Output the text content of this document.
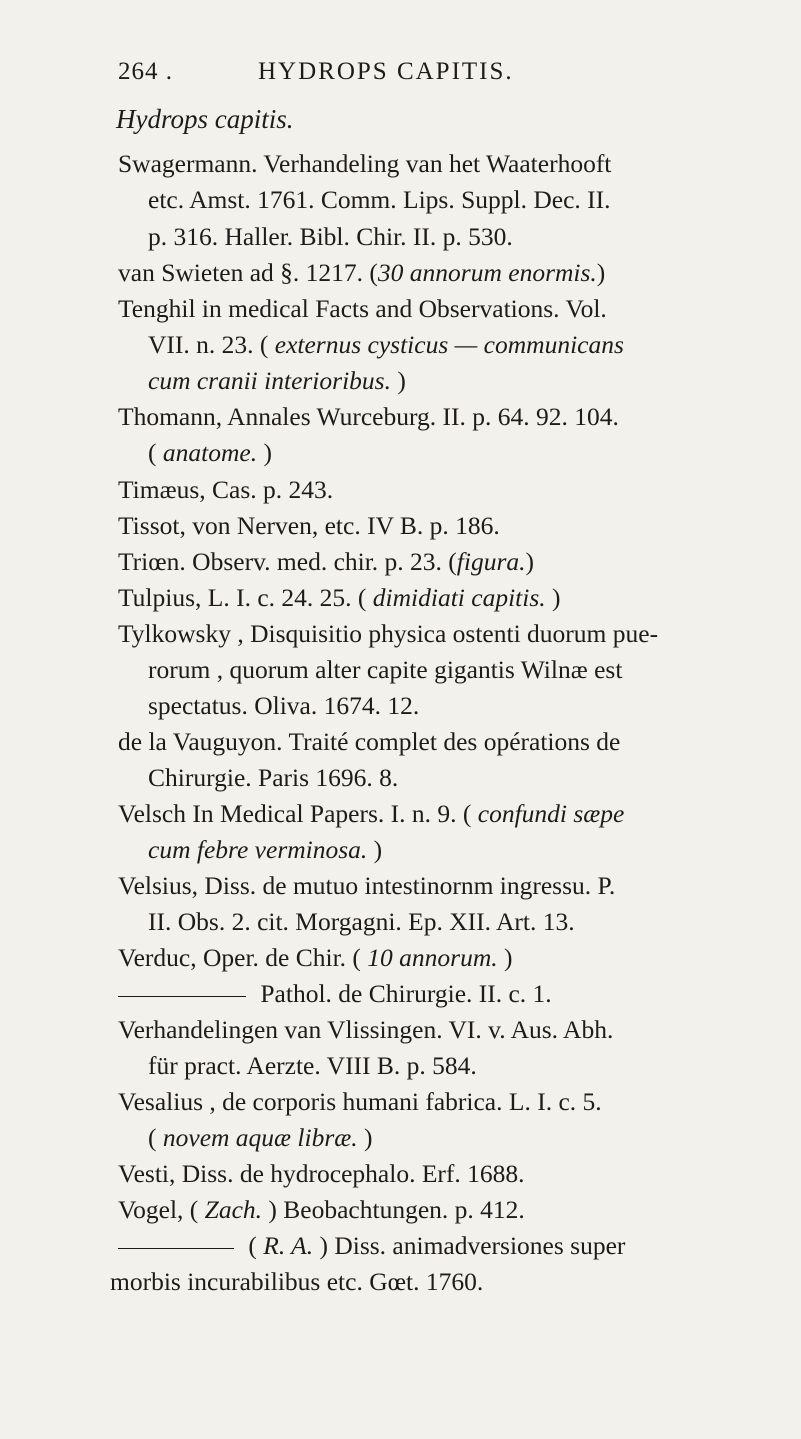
264 .	HYDROPS CAPITIS.
Hydrops capitis.
Swagermann. Verhandeling van het Waaterhooft
etc. Amst. 1761. Comm. Lips. Suppl. Dec. II.
p. 316. Haller. Bibl. Chir. II. p. 530.
van Swieten ad §. 1217. (30 annorum enormis.)
Tenghil in medical Facts and Observations. Vol.
VII. n. 23. ( externus cysticus — communicans
cum cranii interioribus. )
Thomann, Annales Wurceburg. II. p. 64. 92. 104.
( anatome. )
Timæus, Cas. p. 243.
Tissot, von Nerven, etc. IV B. p. 186.
Triœn. Observ. med. chir. p. 23. (figura.)
Tulpius, L. I. c. 24. 25. ( dimidiati capitis. )
Tylkowsky , Disquisitio physica ostenti duorum pue-
rorum , quorum alter capite gigantis Wilnæ est
spectatus. Oliva. 1674. 12.
de la Vauguyon. Traité complet des opérations de
Chirurgie. Paris 1696. 8.
Velsch In Medical Papers. I. n. 9. ( confundi sæpe
cum febre verminosa. )
Velsius, Diss. de mutuo intestinornm ingressu. P.
II. Obs. 2. cit. Morgagni. Ep. XII. Art. 13.
Verduc, Oper. de Chir. ( 10 annorum. )
Pathol. de Chirurgie. II. c. 1.
Verhandelingen van Vlissingen. VI. v. Aus. Abh.
für pract. Aerzte. VIII B. p. 584.
Vesalius , de corporis humani fabrica. L. I. c. 5.
( novem aquæ libræ. )
Vesti, Diss. de hydrocephalo. Erf. 1688.
Vogel, ( Zach. ) Beobachtungen. p. 412.
( R. A. ) Diss. animadversiones super
morbis incurabilibus etc. Gœt. 1760.
